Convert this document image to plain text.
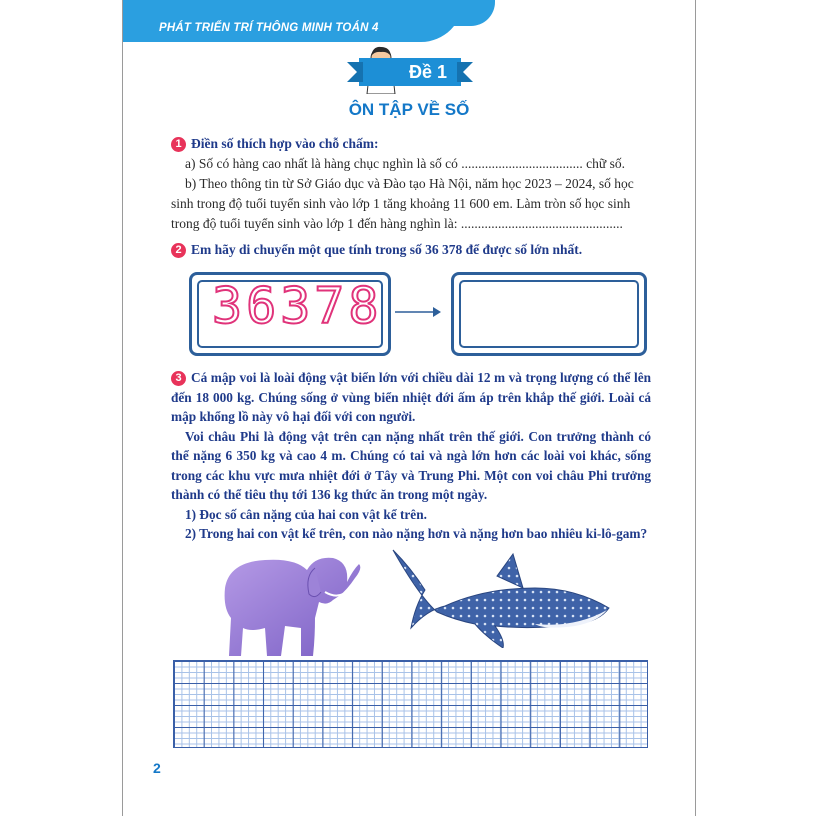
PHÁT TRIỂN TRÍ THÔNG MINH TOÁN 4
Đề 1
ÔN TẬP VỀ SỐ
1 Điền số thích hợp vào chỗ chấm:
a) Số có hàng cao nhất là hàng chục nghìn là số có .................................... chữ số.
b) Theo thông tin từ Sở Giáo dục và Đào tạo Hà Nội, năm học 2023 – 2024, số học
sinh trong độ tuổi tuyển sinh vào lớp 1 tăng khoảng 11 600 em. Làm tròn số học sinh
trong độ tuổi tuyển sinh vào lớp 1 đến hàng nghìn là: ................................................
2 Em hãy di chuyển một que tính trong số 36 378 để được số lớn nhất.
36378
3 Cá mập voi là loài động vật biển lớn với chiều dài 12 m và trọng lượng có thể lên đến 18 000 kg. Chúng sống ở vùng biển nhiệt đới ấm áp trên khắp thế giới. Loài cá mập khổng lồ này vô hại đối với con người.
Voi châu Phi là động vật trên cạn nặng nhất trên thế giới. Con trưởng thành có thể nặng 6 350 kg và cao 4 m. Chúng có tai và ngà lớn hơn các loài voi khác, sống trong các khu vực mưa nhiệt đới ở Tây và Trung Phi. Một con voi châu Phi trưởng thành có thể tiêu thụ tới 136 kg thức ăn trong một ngày.
1) Đọc số cân nặng của hai con vật kể trên.
2) Trong hai con vật kể trên, con nào nặng hơn và nặng hơn bao nhiêu ki-lô-gam?
2
